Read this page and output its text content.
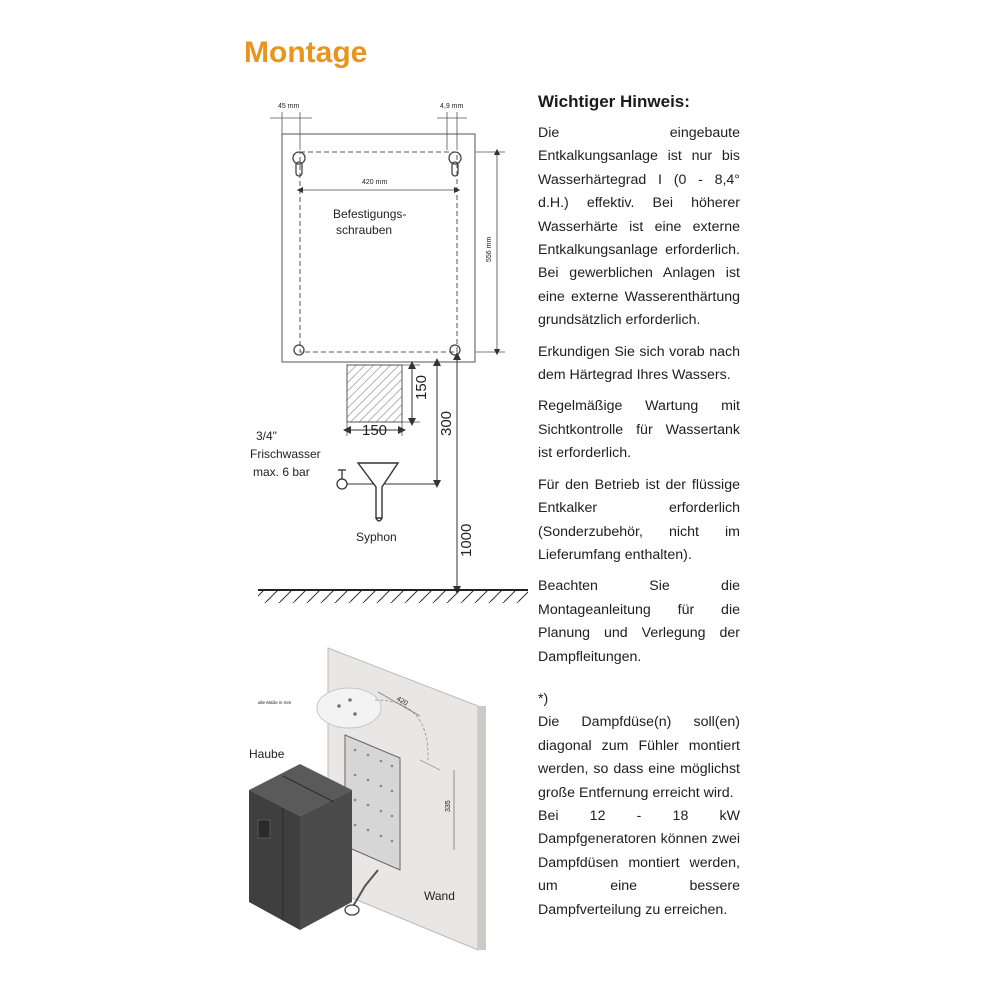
Montage
Wichtiger Hinweis:

Die eingebaute Entkalkungsanlage ist nur bis Wasserhärtegrad I (0 - 8,4° d.H.) effektiv. Bei höherer Wasserhärte ist eine externe Entkalkungsanlage erforderlich. Bei gewerblichen Anlagen ist eine externe Wasserenthärtung grundsätzlich erforderlich.

Erkundigen Sie sich vorab nach dem Härtegrad Ihres Wassers.

Regelmäßige Wartung mit Sichtkontrolle für Wassertank ist erforderlich.

Für den Betrieb ist der flüssige Entkalker erforderlich (Sonderzubehör, nicht im Lieferumfang enthalten).

Beachten Sie die Montageanleitung für die Planung und Verlegung der Dampfleitungen.

*)

Die Dampfdüse(n) soll(en) diagonal zum Fühler montiert werden, so dass eine möglichst große Entfernung erreicht wird.

Bei 12 - 18 kW Dampfgeneratoren können zwei Dampfdüsen montiert werden, um eine bessere Dampfverteilung zu erreichen.

45 mm	4,9 mm
420 mm
Befestigungs-
schrauben
556 mm
150
150	300
1000
3/4"
Frischwasser
max. 6 bar
Syphon
alle Maße in mm	420
335
Haube
Wand
